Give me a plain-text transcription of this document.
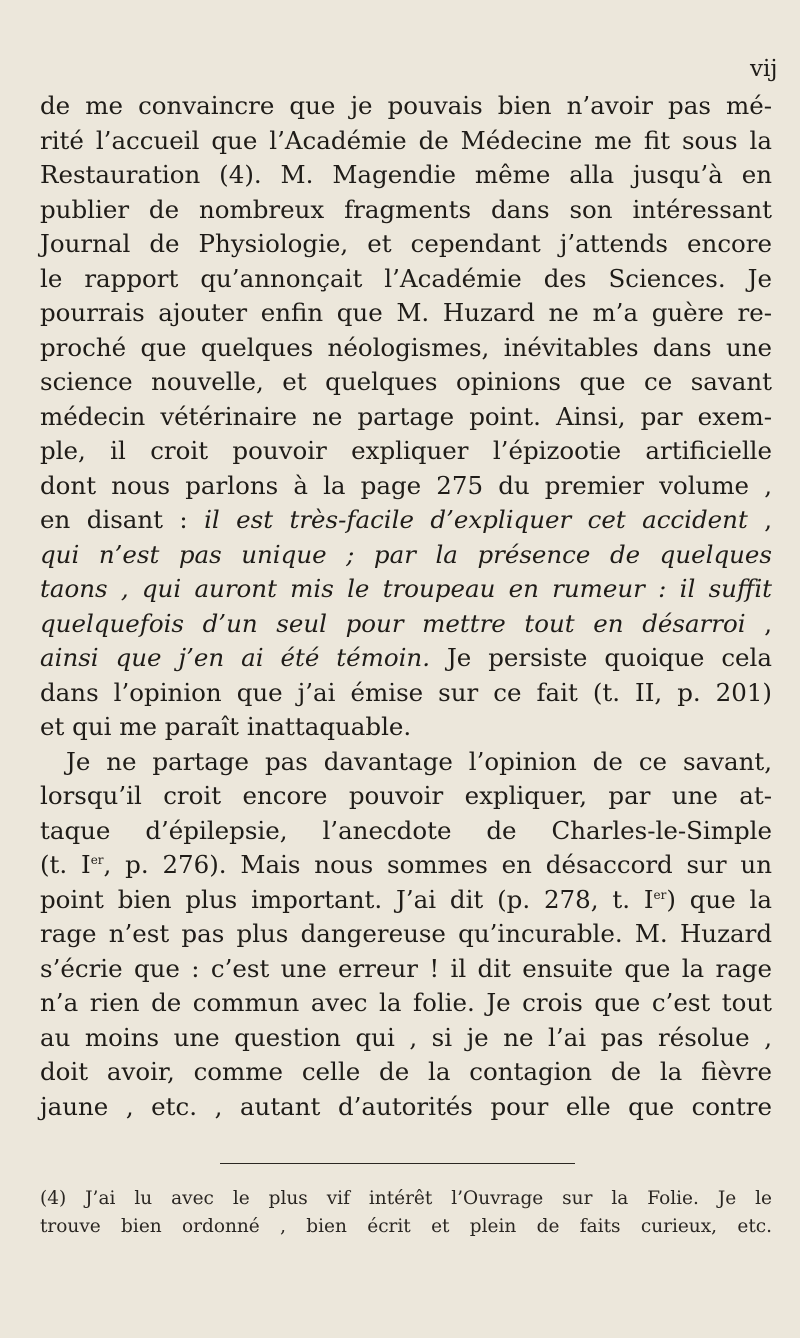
vij
de me convaincre que je pouvais bien n’avoir pas mé-
rité l’accueil que l’Académie de Médecine me fit sous la
Restauration (4). M. Magendie même alla jusqu’à en
publier de nombreux fragments dans son intéressant
Journal de Physiologie, et cependant j’attends encore
le rapport qu’annonçait l’Académie des Sciences. Je
pourrais ajouter enfin que M. Huzard ne m’a guère re-
proché que quelques néologismes, inévitables dans une
science nouvelle, et quelques opinions que ce savant
médecin vétérinaire ne partage point. Ainsi, par exem-
ple, il croit pouvoir expliquer l’épizootie artificielle
dont nous parlons à la page 275 du premier volume ,
en disant : il est très-facile d’expliquer cet accident ,
qui n’est pas unique ; par la présence de quelques
taons , qui auront mis le troupeau en rumeur : il suffit
quelquefois d’un seul pour mettre tout en désarroi ,
ainsi que j’en ai été témoin. Je persiste quoique cela
dans l’opinion que j’ai émise sur ce fait (t. II, p. 201)
et qui me paraît inattaquable.
Je ne partage pas davantage l’opinion de ce savant,
lorsqu’il croit encore pouvoir expliquer, par une at-
taque d’épilepsie, l’anecdote de Charles-le-Simple
(t. Ier, p. 276). Mais nous sommes en désaccord sur un
point bien plus important. J’ai dit (p. 278, t. Ier) que la
rage n’est pas plus dangereuse qu’incurable. M. Huzard
s’écrie que : c’est une erreur ! il dit ensuite que la rage
n’a rien de commun avec la folie. Je crois que c’est tout
au moins une question qui , si je ne l’ai pas résolue ,
doit avoir, comme celle de la contagion de la fièvre
jaune , etc. , autant d’autorités pour elle que contre
(4) J’ai lu avec le plus vif intérêt l’Ouvrage sur la Folie. Je le
trouve bien ordonné , bien écrit et plein de faits curieux, etc.
